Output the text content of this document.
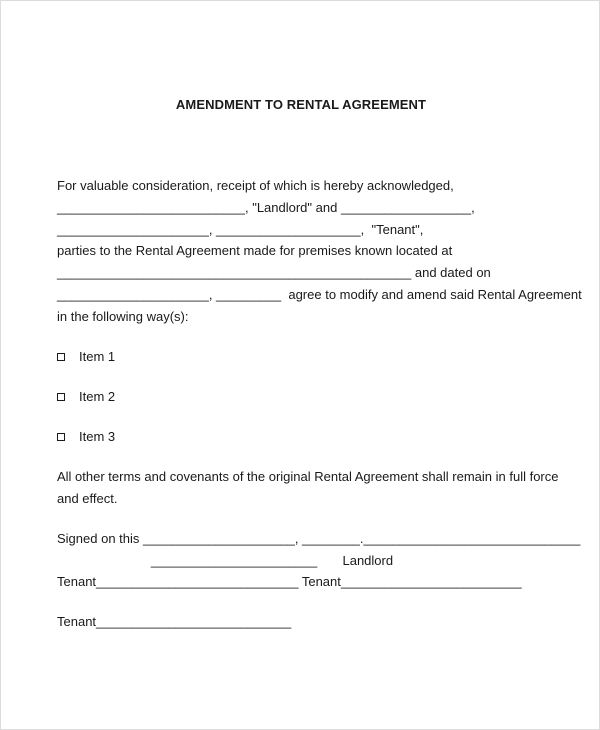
AMENDMENT TO RENTAL AGREEMENT
For valuable consideration, receipt of which is hereby acknowledged,
__________________________, "Landlord" and __________________,
_____________________, ____________________,  "Tenant",
parties to the Rental Agreement made for premises known located at
_________________________________________________ and dated on
_____________________, _________  agree to modify and amend said Rental Agreement
in the following way(s):
Item 1
Item 2
Item 3
All other terms and covenants of the original Rental Agreement shall remain in full force
and effect.
Signed on this _____________________, ________.______________________________
_______________________       Landlord
Tenant____________________________ Tenant_________________________
Tenant___________________________
